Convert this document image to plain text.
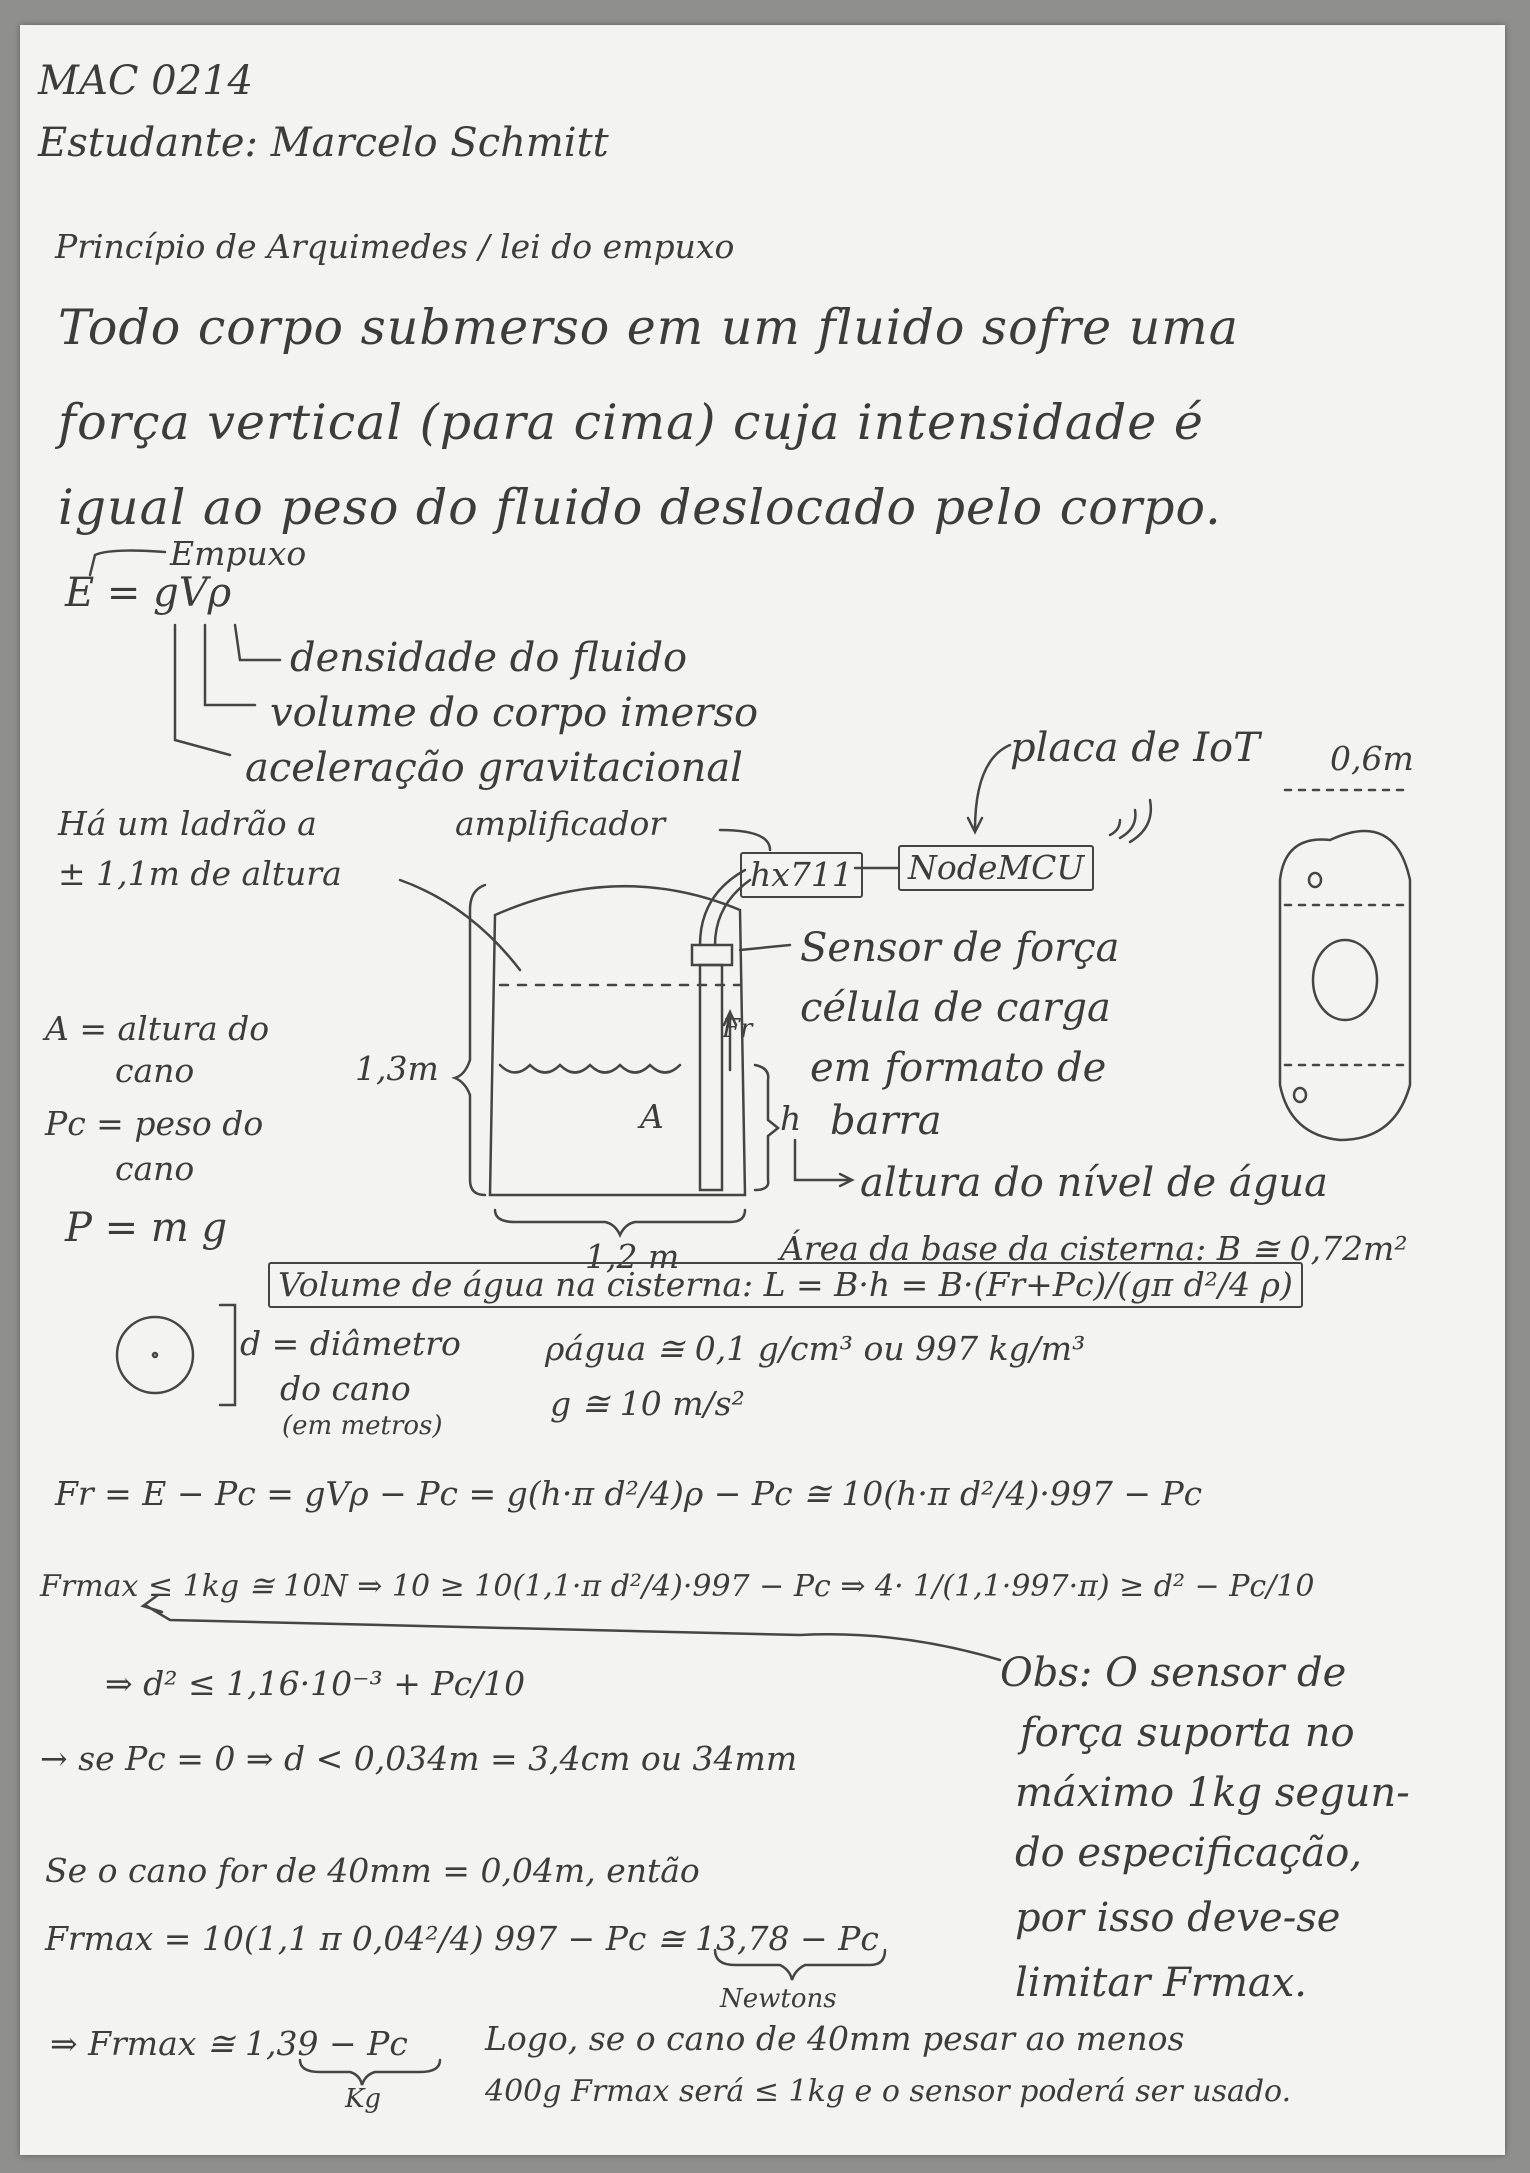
MAC 0214

Estudante: Marcelo Schmitt

Princípio de Arquimedes / lei do empuxo

Todo corpo submerso em um fluido sofre uma

força vertical (para cima) cuja intensidade é

igual ao peso do fluido deslocado pelo corpo.

Empuxo

E = gVρ

densidade do fluido

volume do corpo imerso

aceleração gravitacional

Há um ladrão a

± 1,1m de altura

amplificador

placa de IoT 0,6m

hx711	NodeMCU

Sensor de força

célula de carga

em formato de

barra

1,3m

1,2 m

A

Fr

h

altura do nível de água

A = altura do

cano

Pc = peso do

cano

P = m g	Área da base da cisterna: B ≅ 0,72m²

Volume de água na cisterna: L = B·h = B·(Fr+Pc)/(gπ d²/4 ρ)

d = diâmetro

do cano

(em metros)

ρágua ≅ 0,1 g/cm³ ou 997 kg/m³

g ≅ 10 m/s²

Fr = E − Pc = gVρ − Pc = g(h·π d²/4)ρ − Pc ≅ 10(h·π d²/4)·997 − Pc

Frmax ≤ 1kg ≅ 10N ⇒ 10 ≥ 10(1,1·π d²/4)·997 − Pc ⇒ 4· 1/(1,1·997·π) ≥ d² − Pc/10

⇒ d² ≤ 1,16·10⁻³ + Pc/10

→ se Pc = 0 ⇒ d < 0,034m = 3,4cm ou 34mm

Se o cano for de 40mm = 0,04m, então

Frmax = 10(1,1 π 0,04²/4) 997 − Pc ≅ 13,78 − Pc

Newtons

⇒ Frmax ≅ 1,39 − Pc

Kg

Obs: O sensor de

força suporta no

máximo 1kg segun-

do especificação,

por isso deve-se

limitar Frmax.

Logo, se o cano de 40mm pesar ao menos

400g Frmax será ≤ 1kg e o sensor poderá ser usado.
